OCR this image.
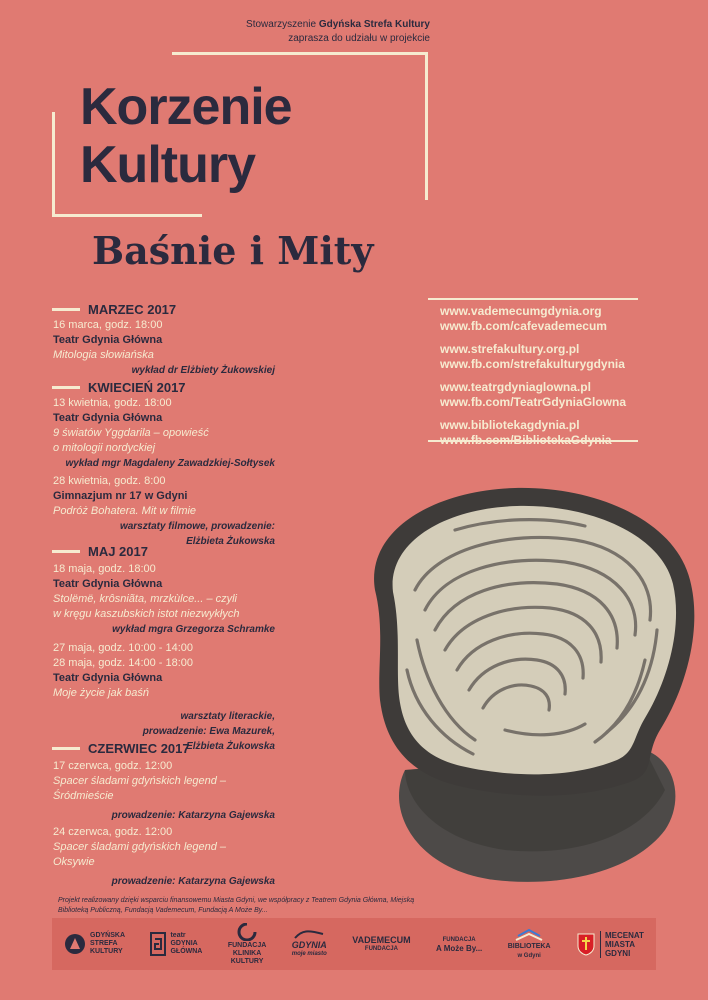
Stowarzyszenie Gdyńska Strefa Kultury
zaprasza do udziału w projekcie
Korzenie
Kultury
Baśnie i Mity
MARZEC 2017
16 marca, godz. 18:00
Teatr Gdynia Główna
Mitologia słowiańska
wykład dr Elżbiety Żukowskiej
KWIECIEŃ 2017
13 kwietnia, godz. 18:00
Teatr Gdynia Główna
9 światów Yggdarila – opowieść
o mitologii nordyckiej
wykład mgr Magdaleny Zawadzkiej-Sołtysek
28 kwietnia, godz. 8:00
Gimnazjum nr 17 w Gdyni
Podróż Bohatera. Mit w filmie
warsztaty filmowe, prowadzenie:
Elżbieta Żukowska
MAJ 2017
18 maja, godz. 18:00
Teatr Gdynia Główna
Stolëmë, krôsniãta, mrzkùlce... – czyli
w kręgu kaszubskich istot niezwykłych
wykład mgra Grzegorza Schramke
27 maja, godz. 10:00 - 14:00
28 maja, godz. 14:00 - 18:00
Teatr Gdynia Główna
Moje życie jak baśń
warsztaty literackie,
prowadzenie: Ewa Mazurek,
Elżbieta Żukowska
CZERWIEC 2017
17 czerwca, godz. 12:00
Spacer śladami gdyńskich legend –
Śródmieście
prowadzenie: Katarzyna Gajewska
24 czerwca, godz. 12:00
Spacer śladami gdyńskich legend –
Oksywie
prowadzenie: Katarzyna Gajewska
www.vademecumgdynia.org
www.fb.com/cafevademecum
www.strefakultury.org.pl
www.fb.com/strefakulturygdynia
www.teatrgdyniaglowna.pl
www.fb.com/TeatrGdyniaGlowna
www.bibliotekagdynia.pl
Projekt realizowany dzięki wsparciu finansowemu Miasta Gdyni, we współpracy z Teatrem Gdynia Główna, Miejską Biblioteką Publiczną, Fundacją Vademecum, Fundacją A Może By...
GDYŃSKA
STREFA
KULTURY
teatr
GDYNIA
GŁÓWNA
FUNDACJA
KLINIKA
KULTURY
GDYNIA
moje miasto
VADEMECUM
FUNDACJA
FUNDACJA
A Może By...	BIBLIOTEKA
w Gdyni
MECENAT
MIASTA
GDYNI
